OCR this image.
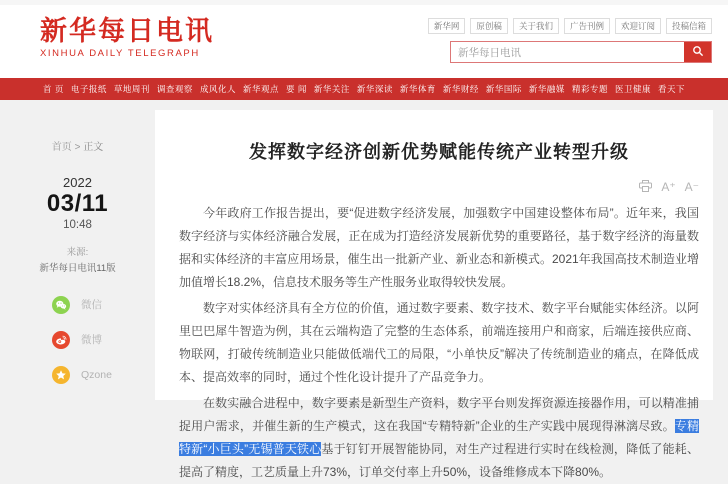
新华每日电讯
XINHUA DAILY TELEGRAPH
新华网	原创稿	关于我们	广告刊例	欢迎订阅	投稿信箱
新华每日电讯
首 页 电子报纸 草地周刊 调查观察 成风化人 新华观点 要 闻 新华关注 新华深读 新华体育 新华财经 新华国际 新华融媒 精彩专题 医卫健康 看天下
首页 > 正文
2022
03/11
10:48
来源:
新华每日电讯11版
微信
微博
Qzone
发挥数字经济创新优势赋能传统产业转型升级
A⁺ A⁻

今年政府工作报告提出，要“促进数字经济发展，加强数字中国建设整体布局”。近年来，我国数字经济与实体经济融合发展，正在成为打造经济发展新优势的重要路径，基于数字经济的海量数据和实体经济的丰富应用场景，催生出一批新产业、新业态和新模式。2021年我国高技术制造业增加值增长18.2%，信息技术服务等生产性服务业取得较快发展。

数字对实体经济具有全方位的价值，通过数字要素、数字技术、数字平台赋能实体经济。以阿里巴巴犀牛智造为例，其在云端构造了完整的生态体系，前端连接用户和商家，后端连接供应商、物联网，打破传统制造业只能做低端代工的局限，“小单快反”解决了传统制造业的痛点，在降低成本、提高效率的同时，通过个性化设计提升了产品竞争力。

在数实融合进程中，数字要素是新型生产资料，数字平台则发挥资源连接器作用，可以精准捕捉用户需求，并催生新的生产模式，这在我国“专精特新”企业的生产实践中展现得淋漓尽致。专精特新“小巨头”无锡普天铁心基于钉钉开展智能协同，对生产过程进行实时在线检测，降低了能耗、提高了精度，工艺质量上升73%，订单交付率上升50%，设备维修成本下降80%。
